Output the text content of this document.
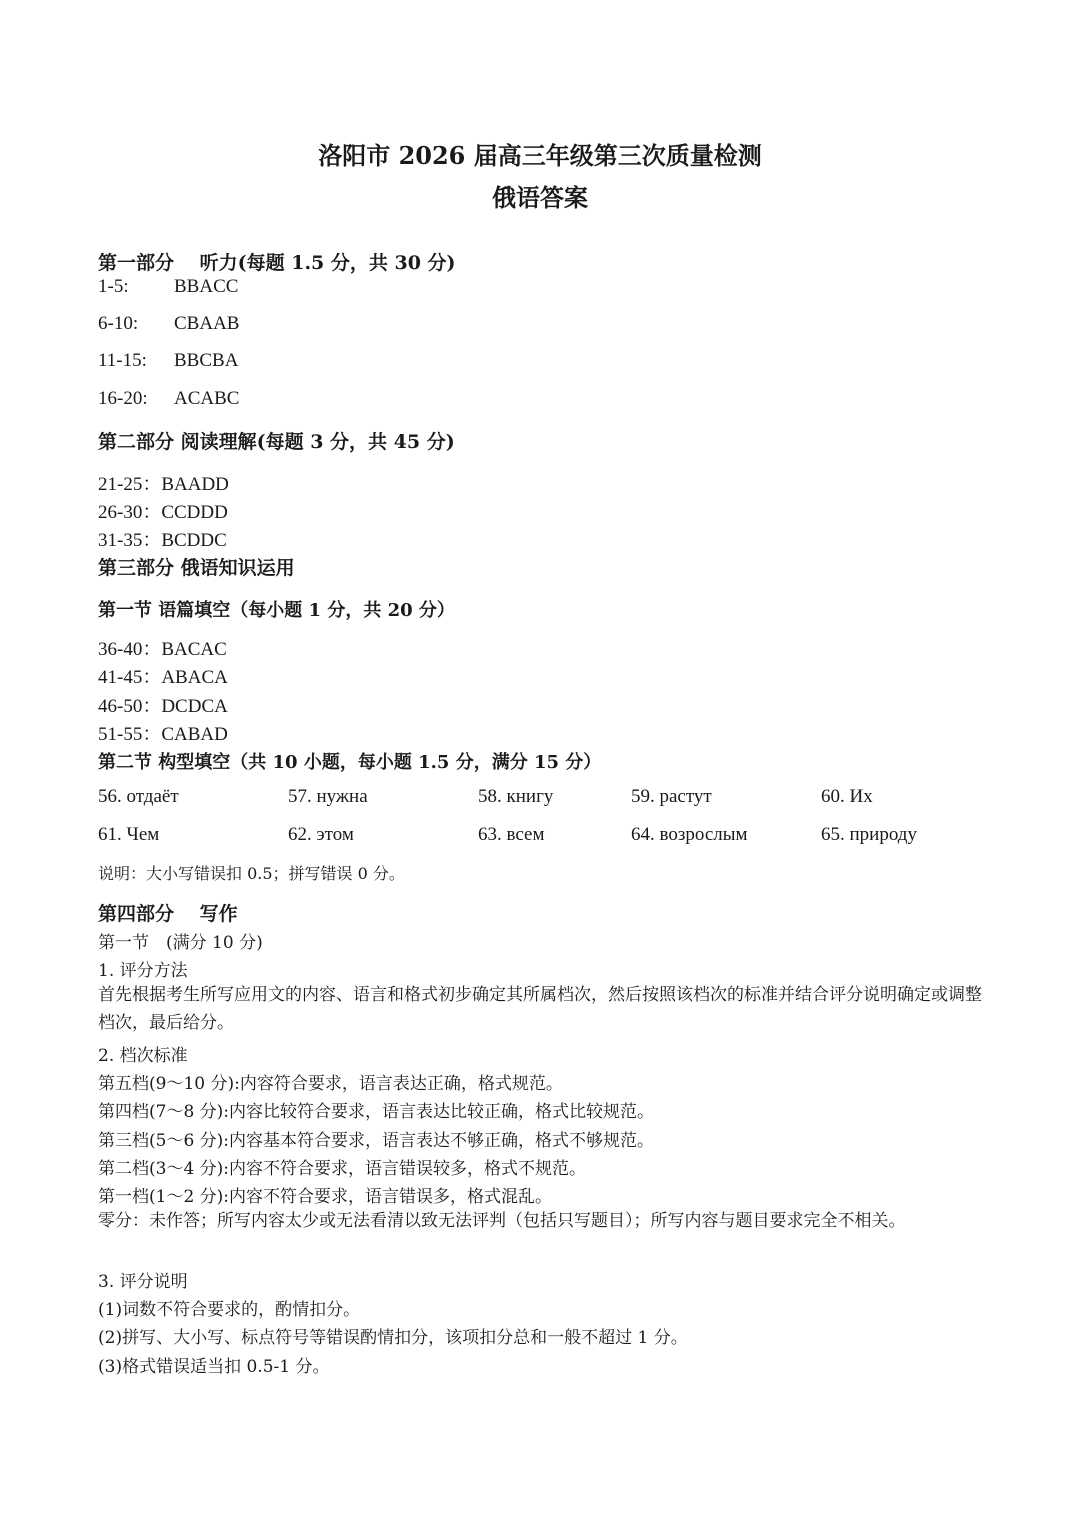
洛阳市 2026 届高三年级第三次质量检测
俄语答案
第一部分　 听力(每题 1.5 分，共 30 分)
1-5: BBACC
6-10: CBAAB
11-15: BBCBA
16-20: ACABC
第二部分 阅读理解(每题 3 分，共 45 分)
21-25：BAADD
26-30：CCDDD
31-35：BCDDC
第三部分 俄语知识运用
第一节 语篇填空（每小题 1 分，共 20 分）
36-40：BACAC
41-45：ABACA
46-50：DCDCA
51-55：CABAD
第二节 构型填空（共 10 小题，每小题 1.5 分，满分 15 分）
56. отдаёт	57. нужна	58. книгу	59. растут	60. Их
61. Чем	62. этом	63. всем	64. возрослым	65. природу
说明：大小写错误扣 0.5；拼写错误 0 分。
第四部分　 写作
第一节　(满分 10 分)
1. 评分方法
首先根据考生所写应用文的内容、语言和格式初步确定其所属档次，然后按照该档次的标准并结合评分说明确定或调整档次，最后给分。
2. 档次标准
第五档(9～10 分):内容符合要求，语言表达正确，格式规范。
第四档(7～8 分):内容比较符合要求，语言表达比较正确，格式比较规范。
第三档(5～6 分):内容基本符合要求，语言表达不够正确，格式不够规范。
第二档(3～4 分):内容不符合要求，语言错误较多，格式不规范。
第一档(1～2 分):内容不符合要求，语言错误多，格式混乱。
零分：未作答；所写内容太少或无法看清以致无法评判（包括只写题目）；所写内容与题目要求完全不相关。
3. 评分说明
(1)词数不符合要求的，酌情扣分。
(2)拼写、大小写、标点符号等错误酌情扣分，该项扣分总和一般不超过 1 分。
(3)格式错误适当扣 0.5-1 分。
